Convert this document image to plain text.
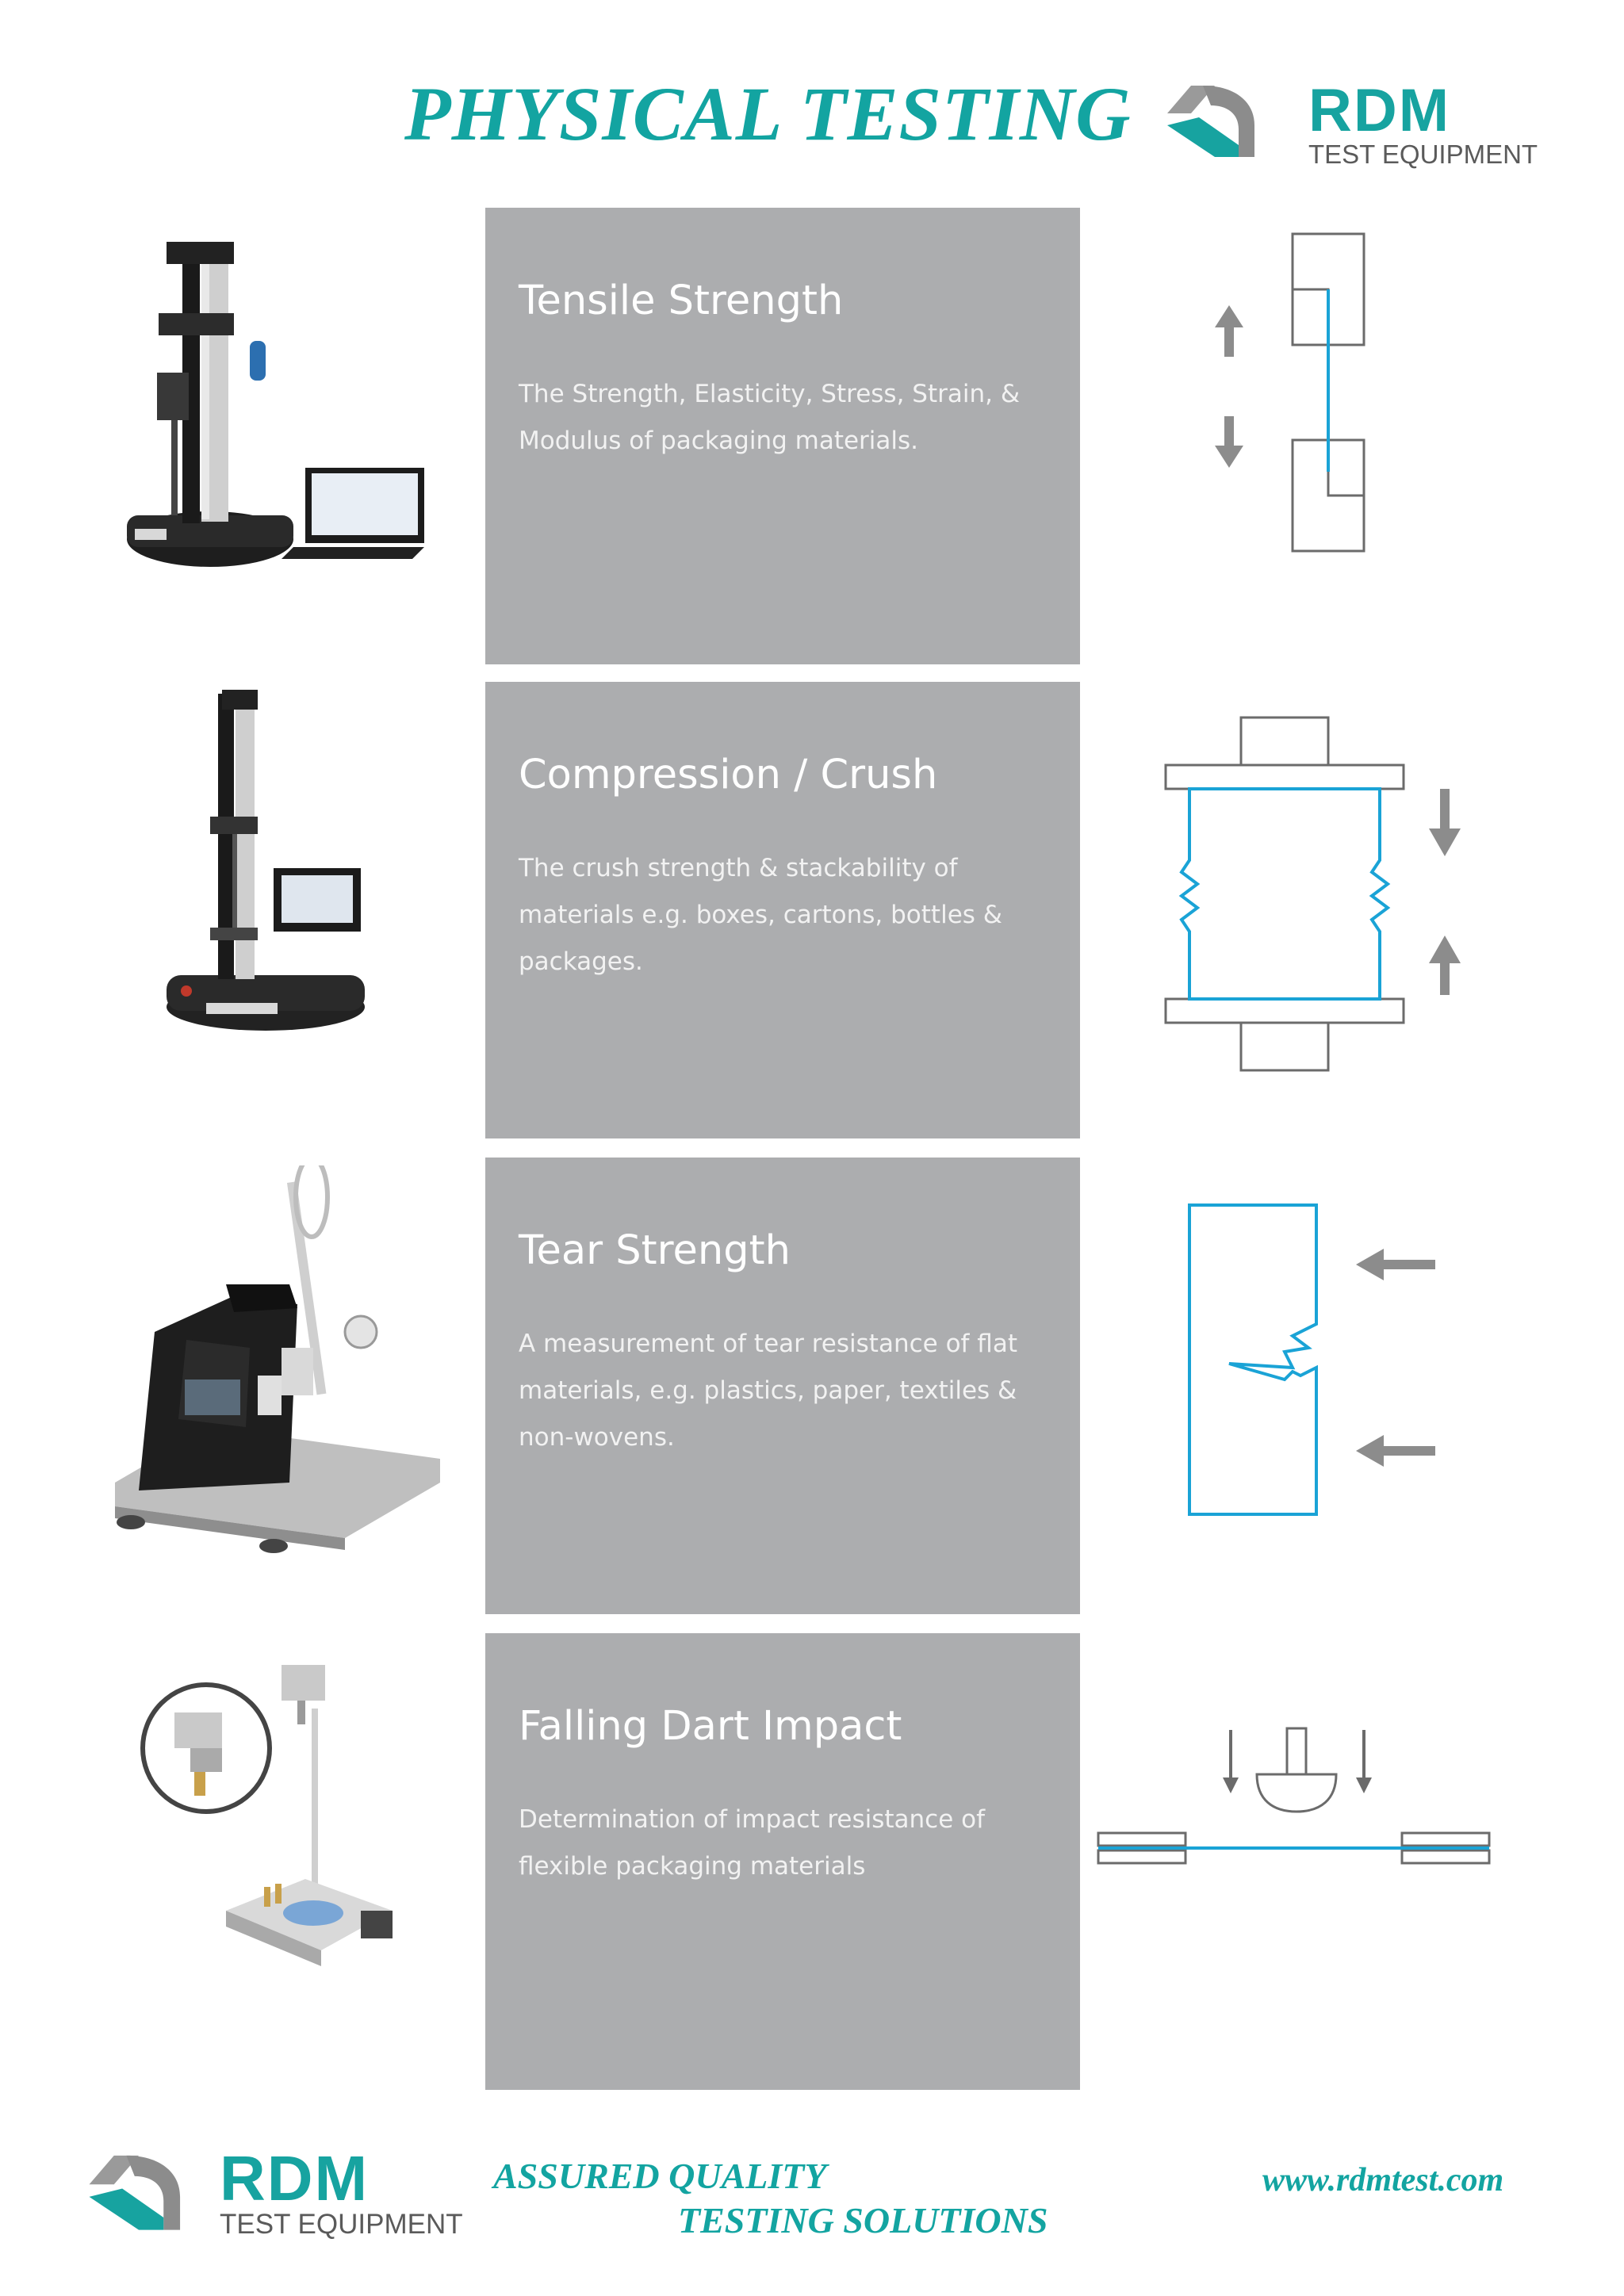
PHYSICAL TESTING	RDM
TEST EQUIPMENT
Tensile Strength

The Strength, Elasticity, Stress, Strain, & Modulus of packaging materials.

Compression / Crush

The crush strength & stackability of materials e.g. boxes, cartons, bottles & packages.

Tear Strength

A measurement of tear resistance of flat materials, e.g. plastics, paper, textiles & non-wovens.

Falling Dart Impact

Determination of impact resistance of flexible packaging materials

RDM
TEST EQUIPMENT
ASSURED QUALITY
TESTING SOLUTIONS
www.rdmtest.com
